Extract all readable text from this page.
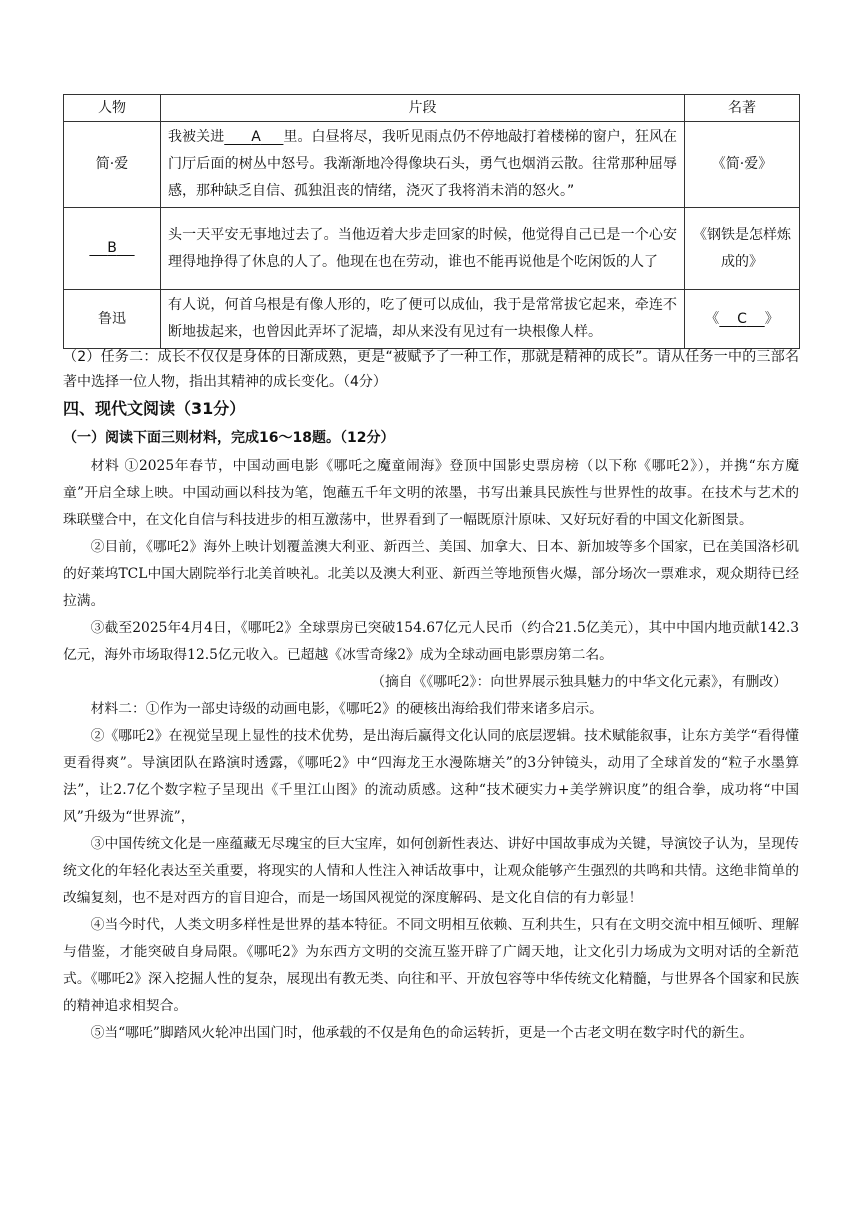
人物	片段	名著
简·爱	我被关进 A 里。白昼将尽，我听见雨点仍不停地敲打着楼梯的窗户，狂风在门厅后面的树丛中怒号。我渐渐地冷得像块石头，勇气也烟消云散。往常那种屈辱感，那种缺乏自信、孤独沮丧的情绪，浇灭了我将消未消的怒火。”	《简·爱》
B	头一天平安无事地过去了。当他迈着大步走回家的时候，他觉得自己已是一个心安理得地挣得了休息的人了。他现在也在劳动，谁也不能再说他是个吃闲饭的人了	《钢铁是怎样炼成的》
鲁迅	有人说，何首乌根是有像人形的，吃了便可以成仙，我于是常常拔它起来，牵连不断地拔起来，也曾因此弄坏了泥墙，却从来没有见过有一块根像人样。	《 C 》

（2）任务二：成长不仅仅是身体的日渐成熟，更是“被赋予了一种工作，那就是精神的成长”。请从任务一中的三部名著中选择一位人物，指出其精神的成长变化。（4分）

四、现代文阅读（31分）
（一）阅读下面三则材料，完成16～18题。（12分）

材料 ①2025年春节，中国动画电影《哪吒之魔童闹海》登顶中国影史票房榜（以下称《哪吒2》），并携“东方魔童”开启全球上映。中国动画以科技为笔，饱蘸五千年文明的浓墨，书写出兼具民族性与世界性的故事。在技术与艺术的珠联璧合中，在文化自信与科技进步的相互激荡中，世界看到了一幅既原汁原味、又好玩好看的中国文化新图景。

②目前，《哪吒2》海外上映计划覆盖澳大利亚、新西兰、美国、加拿大、日本、新加坡等多个国家，已在美国洛杉矶的好莱坞TCL中国大剧院举行北美首映礼。北美以及澳大利亚、新西兰等地预售火爆，部分场次一票难求，观众期待已经拉满。

③截至2025年4月4日，《哪吒2》全球票房已突破154.67亿元人民币（约合21.5亿美元），其中中国内地贡献142.3亿元，海外市场取得12.5亿元收入。已超越《冰雪奇缘2》成为全球动画电影票房第二名。

（摘自《《哪吒2》：向世界展示独具魅力的中华文化元素》，有删改）

材料二：①作为一部史诗级的动画电影，《哪吒2》的硬核出海给我们带来诸多启示。

②《哪吒2》在视觉呈现上显性的技术优势，是出海后赢得文化认同的底层逻辑。技术赋能叙事，让东方美学“看得懂更看得爽”。导演团队在路演时透露，《哪吒2》中“四海龙王水漫陈塘关”的3分钟镜头，动用了全球首发的“粒子水墨算法”，让2.7亿个数字粒子呈现出《千里江山图》的流动质感。这种“技术硬实力+美学辨识度”的组合拳，成功将“中国风”升级为“世界流”，

③中国传统文化是一座蕴藏无尽瑰宝的巨大宝库，如何创新性表达、讲好中国故事成为关键，导演饺子认为，呈现传统文化的年轻化表达至关重要，将现实的人情和人性注入神话故事中，让观众能够产生强烈的共鸣和共情。这绝非简单的改编复刻，也不是对西方的盲目迎合，而是一场国风视觉的深度解码、是文化自信的有力彰显！

④当今时代，人类文明多样性是世界的基本特征。不同文明相互依赖、互利共生，只有在文明交流中相互倾听、理解与借鉴，才能突破自身局限。《哪吒2》为东西方文明的交流互鉴开辟了广阔天地，让文化引力场成为文明对话的全新范式。《哪吒2》深入挖掘人性的复杂，展现出有教无类、向往和平、开放包容等中华传统文化精髓，与世界各个国家和民族的精神追求相契合。

⑤当“哪吒”脚踏风火轮冲出国门时，他承载的不仅是角色的命运转折，更是一个古老文明在数字时代的新生。
